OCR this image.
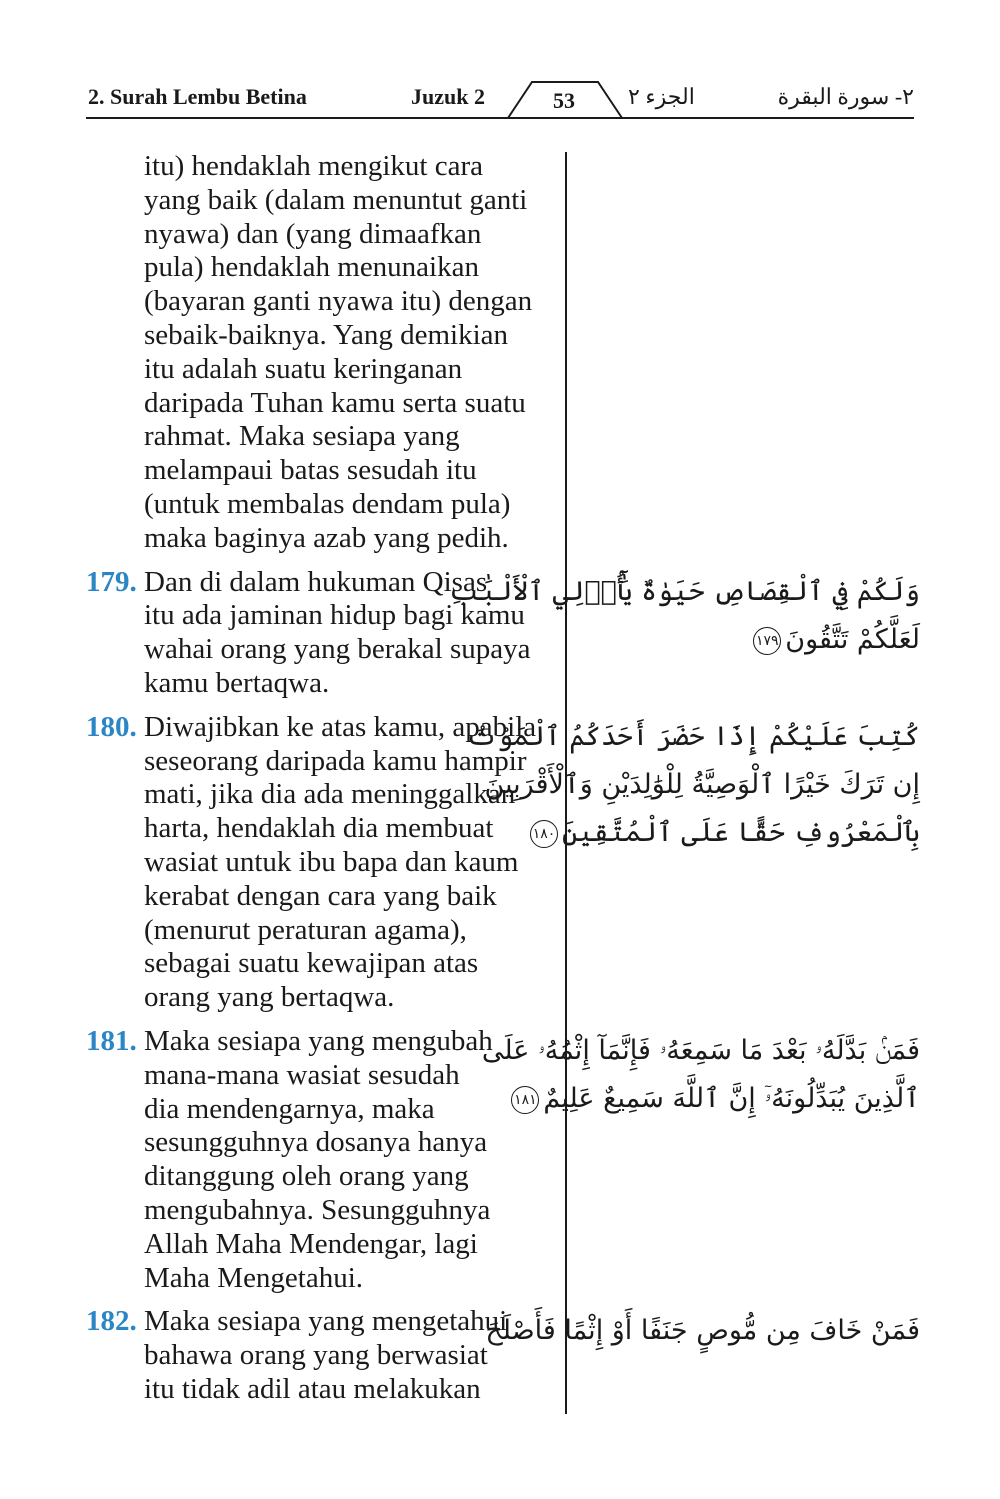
2. Surah Lembu Betina	Juzuk 2	53	الجزء ٢	٢- سورة البقرة
itu) hendaklah mengikut cara
yang baik (dalam menuntut ganti
nyawa) dan (yang dimaafkan
pula) hendaklah menunaikan
(bayaran ganti nyawa itu) dengan
sebaik-baiknya. Yang demikian
itu adalah suatu keringanan
daripada Tuhan kamu serta suatu
rahmat. Maka sesiapa yang
melampaui batas sesudah itu
(untuk membalas dendam pula)
maka baginya azab yang pedih.
179. Dan di dalam hukuman Qisas
itu ada jaminan hidup bagi kamu
wahai orang yang berakal supaya
kamu bertaqwa.
180. Diwajibkan ke atas kamu, apabila
seseorang daripada kamu hampir
mati, jika dia ada meninggalkan
harta, hendaklah dia membuat
wasiat untuk ibu bapa dan kaum
kerabat dengan cara yang baik
(menurut peraturan agama),
sebagai suatu kewajipan atas
orang yang bertaqwa.
181. Maka sesiapa yang mengubah
mana-mana wasiat sesudah
dia mendengarnya, maka
sesungguhnya dosanya hanya
ditanggung oleh orang yang
mengubahnya. Sesungguhnya
Allah Maha Mendengar, lagi
Maha Mengetahui.
182. Maka sesiapa yang mengetahui
bahawa orang yang berwasiat
itu tidak adil atau melakukan
وَلَكُمْ فِي ٱلْقِصَاصِ حَيَوٰةٌ يَٰٓأُو۟لِي ٱلْأَلْبَٰبِ
لَعَلَّكُمْ تَتَّقُونَ١٧٩
كُتِبَ عَلَيْكُمْ إِذَا حَضَرَ أَحَدَكُمُ ٱلْمَوْتُ
إِن تَرَكَ خَيْرًا ٱلْوَصِيَّةُ لِلْوَٰلِدَيْنِ وَٱلْأَقْرَبِينَ
بِٱلْمَعْرُوفِ حَقًّا عَلَى ٱلْمُتَّقِينَ١٨٠
فَمَنۢ بَدَّلَهُۥ بَعْدَ مَا سَمِعَهُۥ فَإِنَّمَآ إِثْمُهُۥ عَلَى
ٱلَّذِينَ يُبَدِّلُونَهُۥٓ إِنَّ ٱللَّهَ سَمِيعٌ عَلِيمٌ١٨١
فَمَنْ خَافَ مِن مُّوصٍ جَنَفًا أَوْ إِثْمًا فَأَصْلَحَ
